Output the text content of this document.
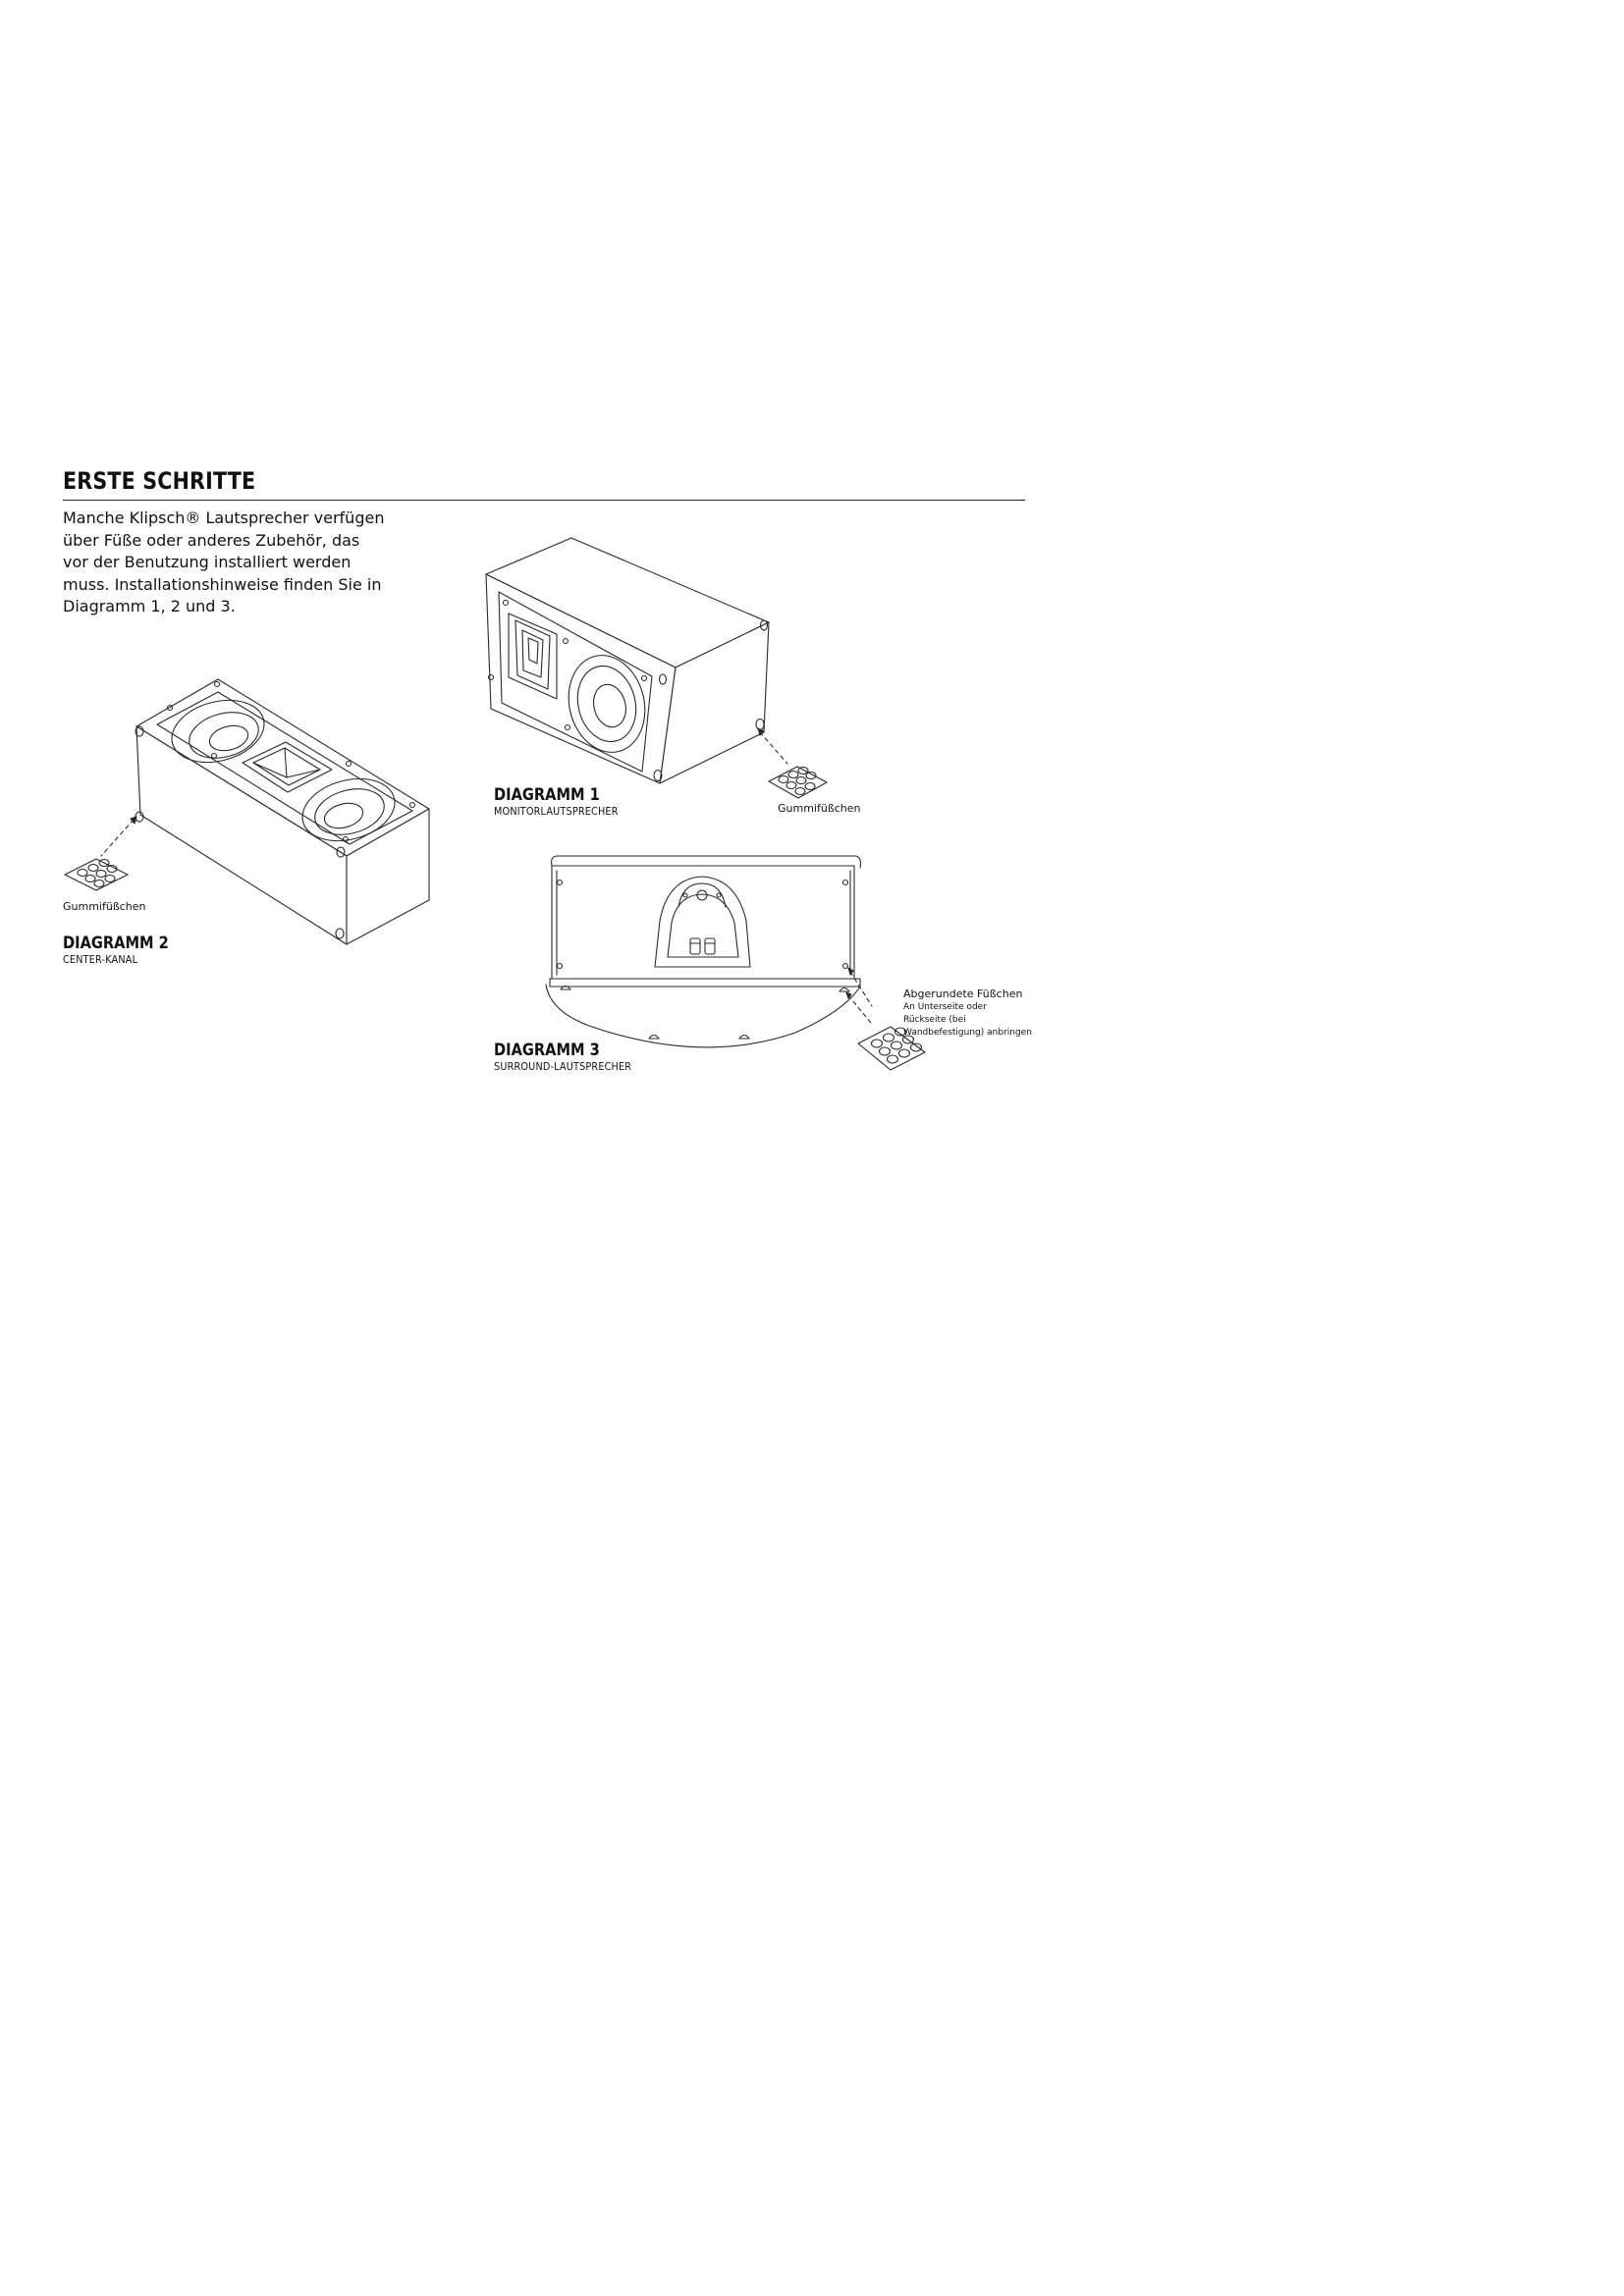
ERSTE SCHRITTE
Manche Klipsch® Lautsprecher verfügen
über Füße oder anderes Zubehör, das
vor der Benutzung installiert werden
muss. Installationshinweise finden Sie in
Diagramm 1, 2 und 3.
DIAGRAMM 1
MONITORLAUTSPRECHER	Gummifüßchen
Gummifüßchen
DIAGRAMM 2
CENTER-KANAL
Abgerundete Füßchen
An Unterseite oder
Rückseite (bei
Wandbefestigung) anbringen
DIAGRAMM 3
SURROUND-LAUTSPRECHER
